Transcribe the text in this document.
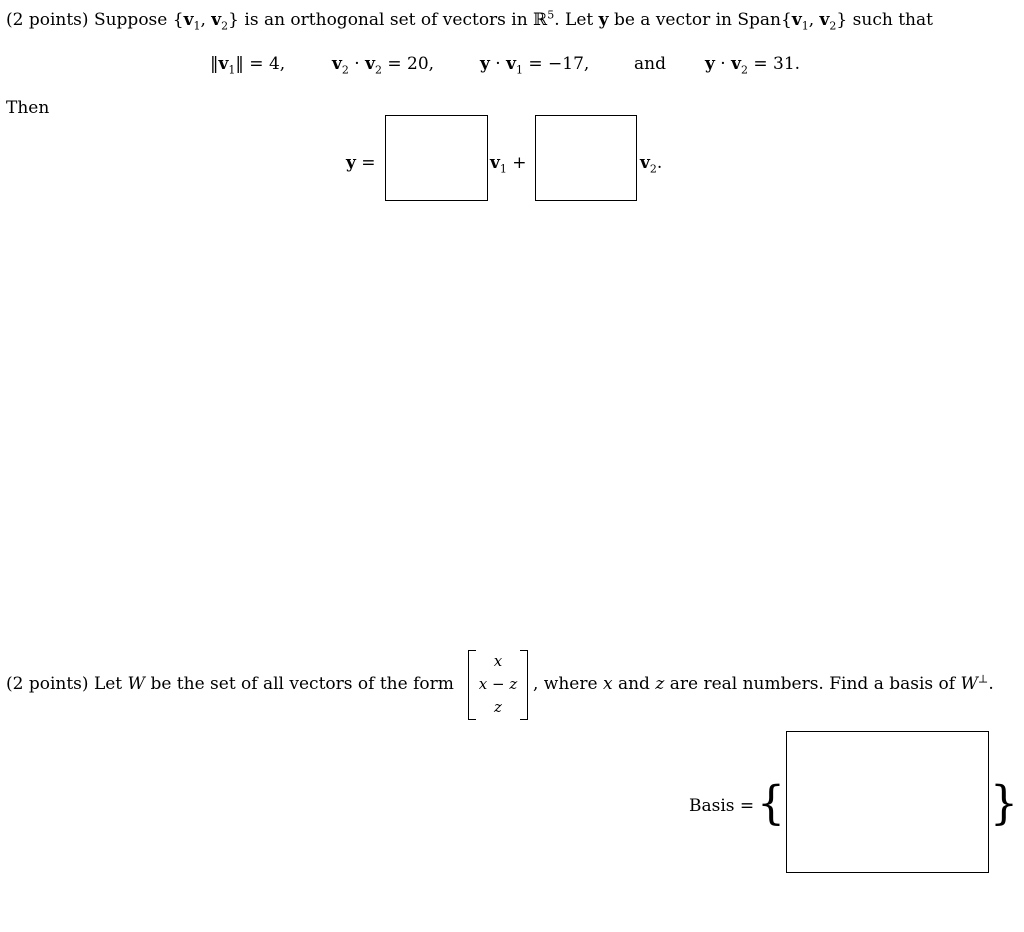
(2 points) Suppose {$v_1$, $v_2$} is an orthogonal set of vectors in ℝ$^5$. Let y be a vector in $Span\{v_1$, $v_2$} such that
$‖v_1‖ = 4$,	$v_2 \cdot v_2 = 20$,	$y \cdot v_1 = -17$,	and $y \cdot v_2 = 31$.
Then
y =	$v_1$ +	$v_2$.
(2 points) Let W be the set of all vectors of the form
x
x − z
z
, where x and z are real numbers. Find a basis of W⊥.
Basis = {	}
